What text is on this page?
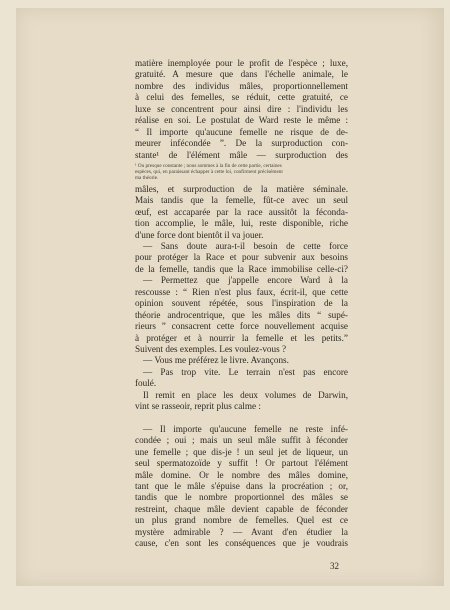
matière inemployée pour le profit de l'espèce ; luxe,
gratuité. A mesure que dans l'échelle animale, le
nombre des individus mâles, proportionnellement
à celui des femelles, se réduit, cette gratuité, ce
luxe se concentrent pour ainsi dire : l'individu les
réalise en soi. Le postulat de Ward reste le même :
“ Il importe qu'aucune femelle ne risque de de-
meurer infécondée ”. De la surproduction con-
stante¹ de l'élément mâle — surproduction des
¹ Ou presque constante ; nous sommes à la fin de cette partie, certaines
espèces, qui, en paraissant échapper à cette loi, confirment précisément
ma théorie.
mâles, et surproduction de la matière séminale.
Mais tandis que la femelle, fût-ce avec un seul
œuf, est accaparée par la race aussitôt la féconda-
tion accomplie, le mâle, lui, reste disponible, riche
d'une force dont bientôt il va jouer.
— Sans doute aura-t-il besoin de cette force
pour protéger la Race et pour subvenir aux besoins
de la femelle, tandis que la Race immobilise celle-ci?
— Permettez que j'appelle encore Ward à la
rescousse : “ Rien n'est plus faux, écrit-il, que cette
opinion souvent répétée, sous l'inspiration de la
théorie androcentrique, que les mâles dits “ supé-
rieurs ” consacrent cette force nouvellement acquise
à protéger et à nourrir la femelle et les petits.”
Suivent des exemples. Les voulez-vous ?
— Vous me préférez le livre. Avançons.
— Pas trop vite. Le terrain n'est pas encore
foulé.
Il remit en place les deux volumes de Darwin,
vint se rasseoir, reprit plus calme :
— Il importe qu'aucune femelle ne reste infé-
condée ; oui ; mais un seul mâle suffit à féconder
une femelle ; que dis-je ! un seul jet de liqueur, un
seul spermatozoïde y suffit ! Or partout l'élément
mâle domine. Or le nombre des mâles domine,
tant que le mâle s'épuise dans la procréation ; or,
tandis que le nombre proportionnel des mâles se
restreint, chaque mâle devient capable de féconder
un plus grand nombre de femelles. Quel est ce
mystère admirable ? — Avant d'en étudier la
cause, c'en sont les conséquences que je voudrais
32
